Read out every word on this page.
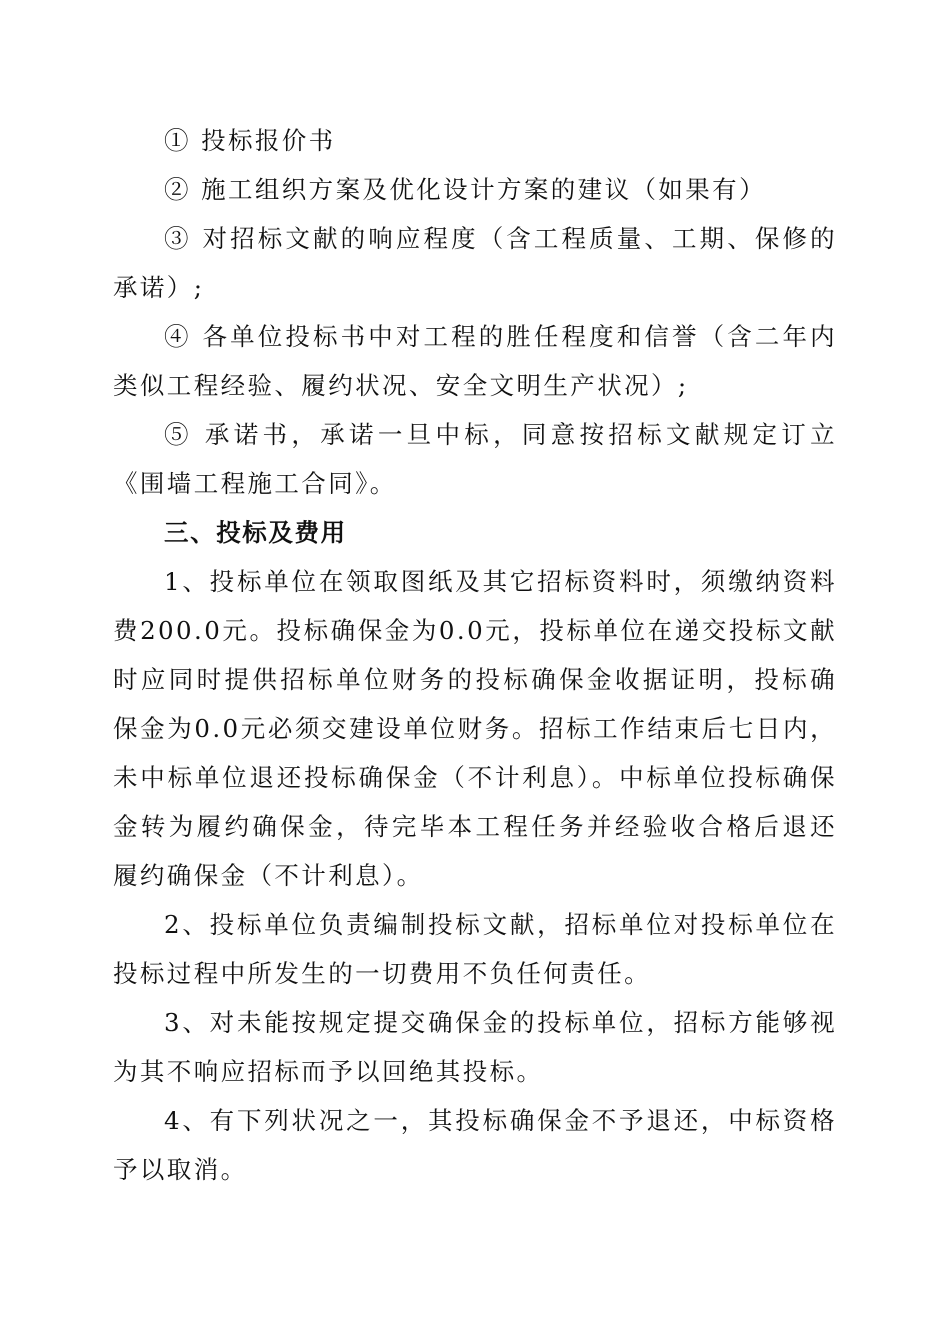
① 投标报价书

② 施工组织方案及优化设计方案的建议（如果有）

③ 对招标文献的响应程度（含工程质量、工期、保修的承诺）;

④ 各单位投标书中对工程的胜任程度和信誉（含二年内类似工程经验、履约状况、安全文明生产状况）;

⑤ 承诺书，承诺一旦中标，同意按招标文献规定订立《围墙工程施工合同》。

三、投标及费用

1、投标单位在领取图纸及其它招标资料时，须缴纳资料费200.0元。投标确保金为0.0元，投标单位在递交投标文献时应同时提供招标单位财务的投标确保金收据证明，投标确保金为0.0元必须交建设单位财务。招标工作结束后七日内，未中标单位退还投标确保金（不计利息）。中标单位投标确保金转为履约确保金，待完毕本工程任务并经验收合格后退还履约确保金（不计利息）。

2、投标单位负责编制投标文献，招标单位对投标单位在投标过程中所发生的一切费用不负任何责任。

3、对未能按规定提交确保金的投标单位，招标方能够视为其不响应招标而予以回绝其投标。

4、有下列状况之一，其投标确保金不予退还，中标资格予以取消。
